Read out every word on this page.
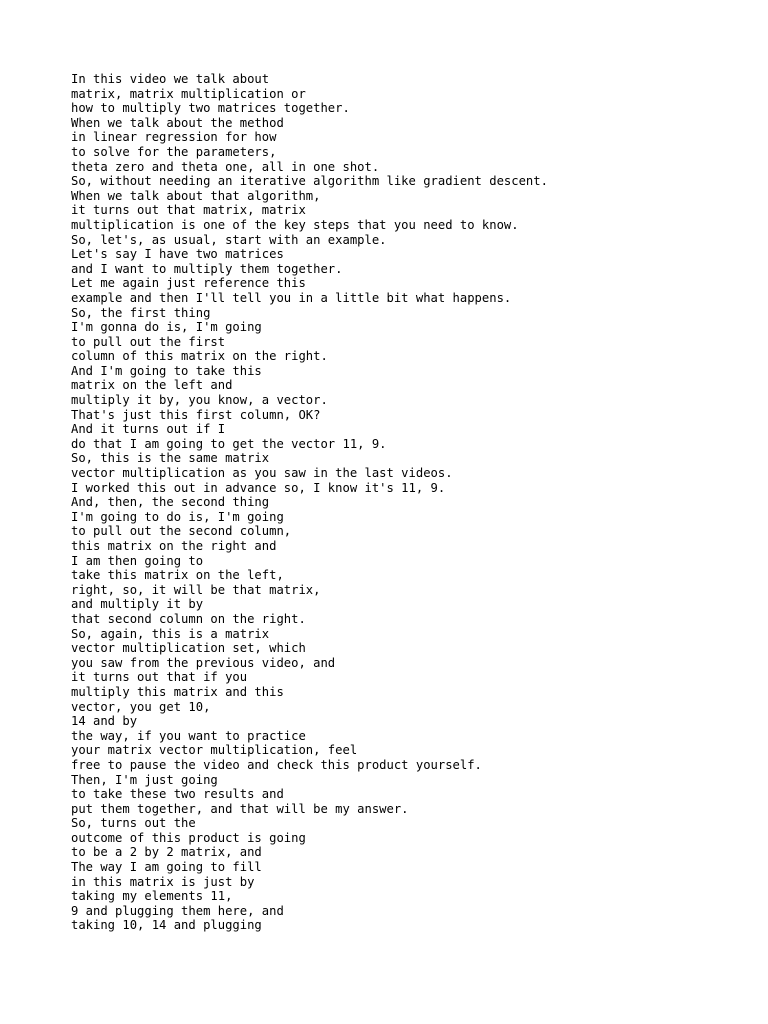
In this video we talk about
matrix, matrix multiplication or
how to multiply two matrices together.
When we talk about the method
in linear regression for how
to solve for the parameters,
theta zero and theta one, all in one shot.
So, without needing an iterative algorithm like gradient descent.
When we talk about that algorithm,
it turns out that matrix, matrix
multiplication is one of the key steps that you need to know.
So, let's, as usual, start with an example.
Let's say I have two matrices
and I want to multiply them together.
Let me again just reference this
example and then I'll tell you in a little bit what happens.
So, the first thing
I'm gonna do is, I'm going
to pull out the first
column of this matrix on the right.
And I'm going to take this
matrix on the left and
multiply it by, you know, a vector.
That's just this first column, OK?
And it turns out if I
do that I am going to get the vector 11, 9.
So, this is the same matrix
vector multiplication as you saw in the last videos.
I worked this out in advance so, I know it's 11, 9.
And, then, the second thing
I'm going to do is, I'm going
to pull out the second column,
this matrix on the right and
I am then going to
take this matrix on the left,
right, so, it will be that matrix,
and multiply it by
that second column on the right.
So, again, this is a matrix
vector multiplication set, which
you saw from the previous video, and
it turns out that if you
multiply this matrix and this
vector, you get 10,
14 and by
the way, if you want to practice
your matrix vector multiplication, feel
free to pause the video and check this product yourself.
Then, I'm just going
to take these two results and
put them together, and that will be my answer.
So, turns out the
outcome of this product is going
to be a 2 by 2 matrix, and
The way I am going to fill
in this matrix is just by
taking my elements 11,
9 and plugging them here, and
taking 10, 14 and plugging
